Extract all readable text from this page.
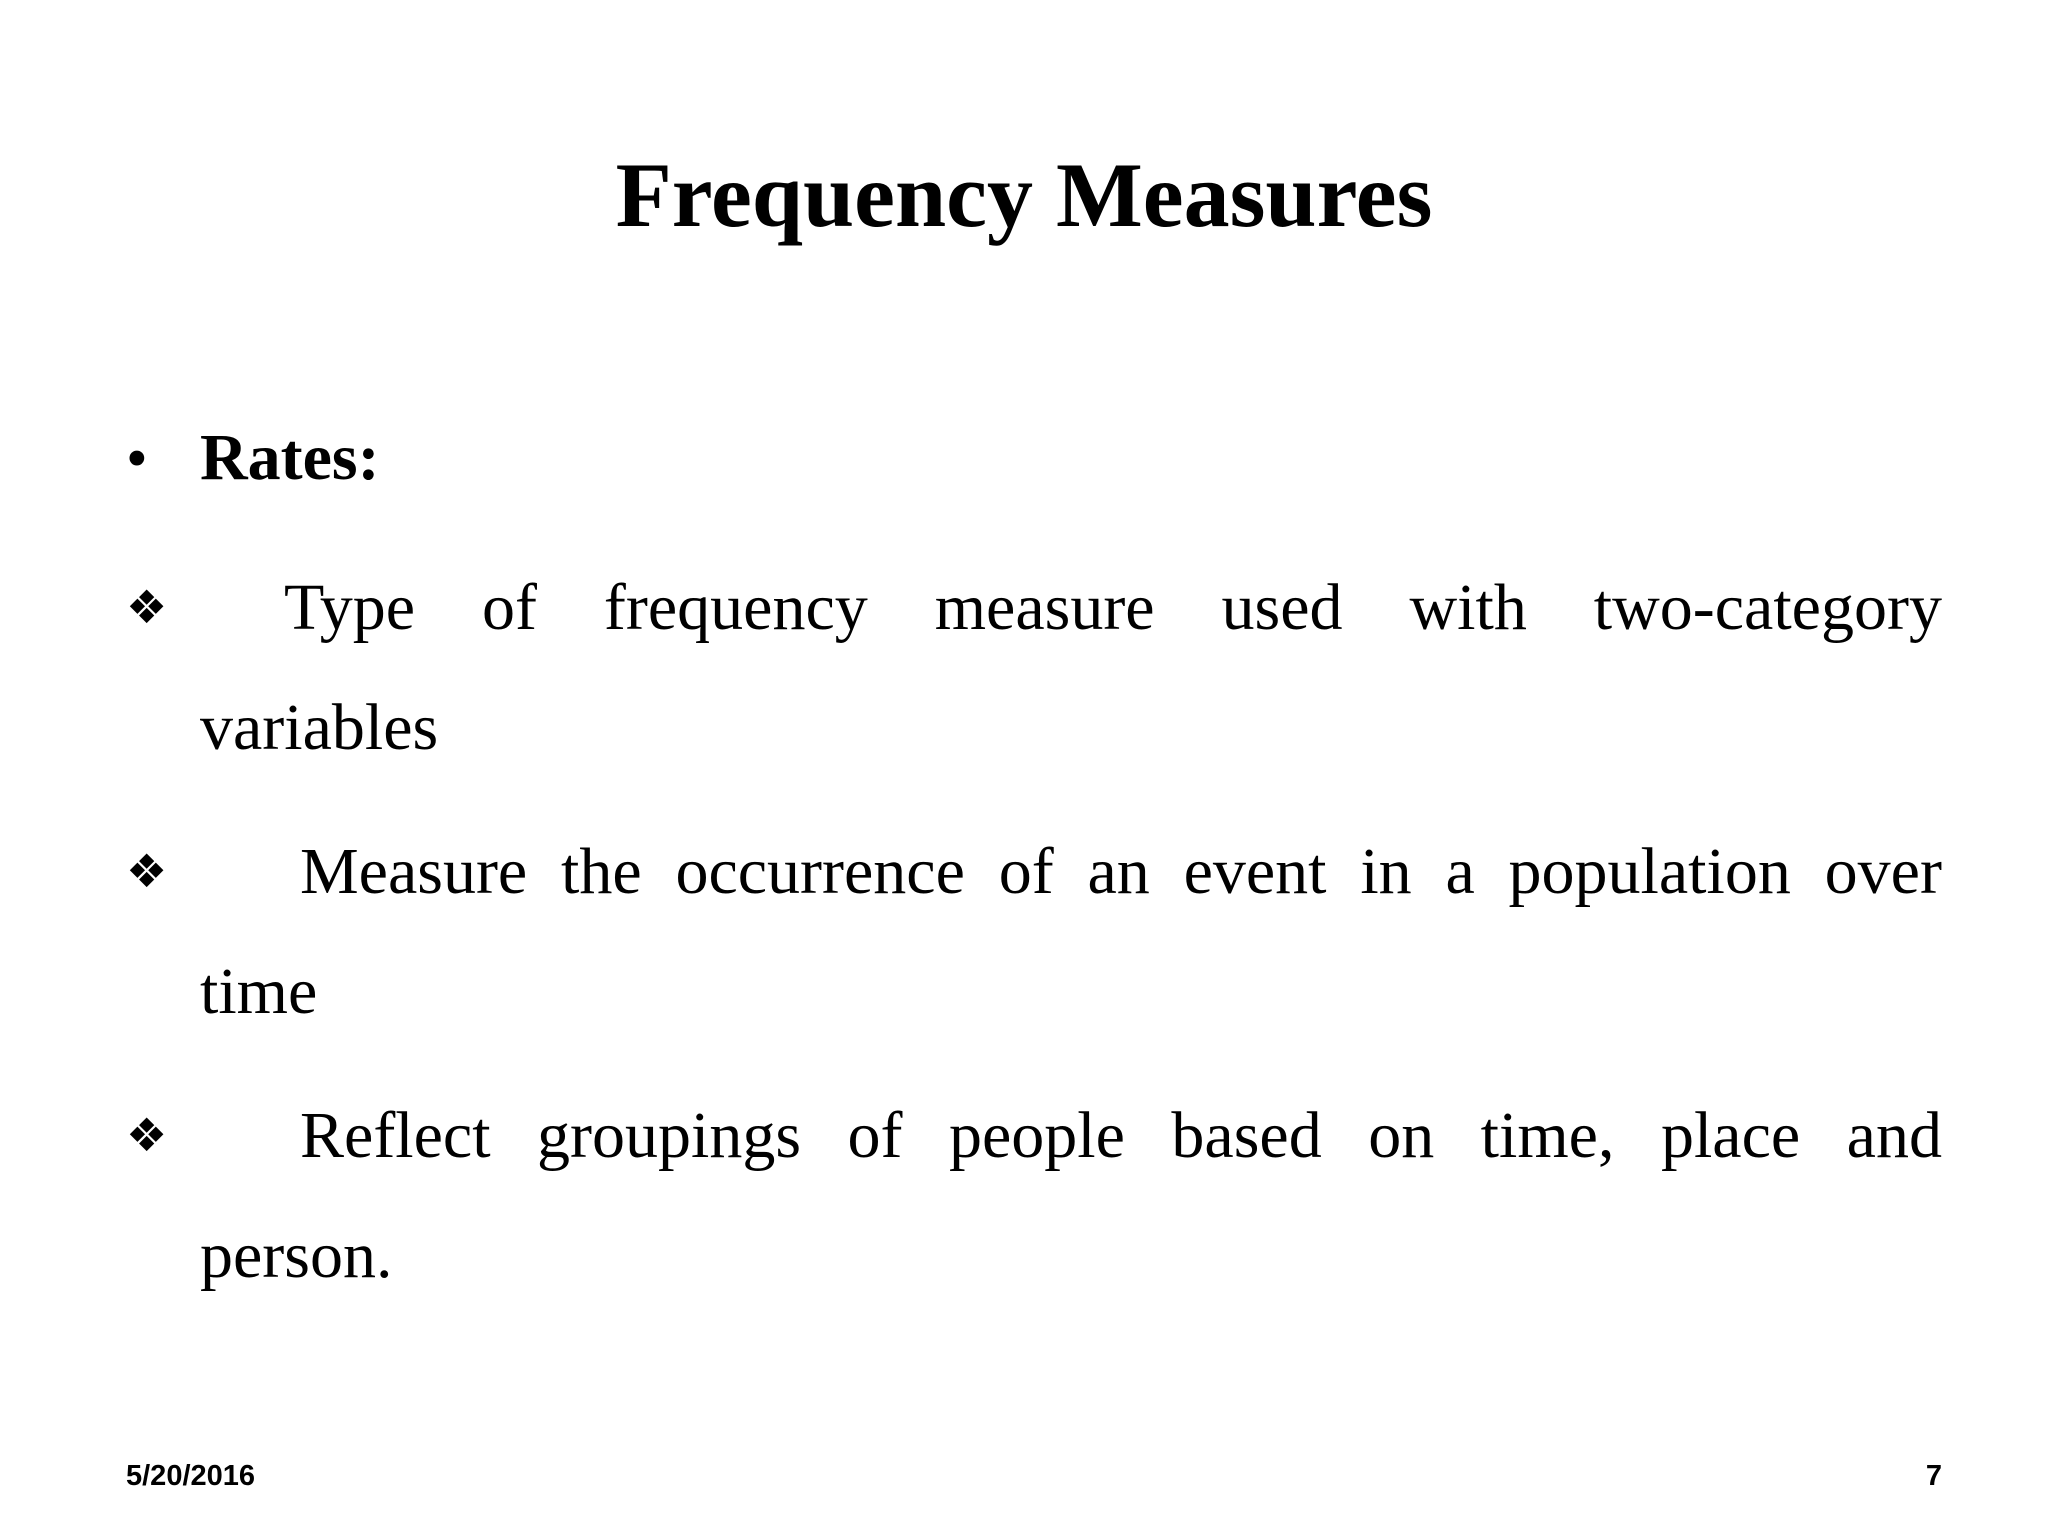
Frequency Measures
• Rates:
❖	Type of frequency measure used with two-category
variables
❖	Measure the occurrence of an event in a population over
time
❖	Reflect groupings of people based on time, place and
person.
5/20/2016	7
